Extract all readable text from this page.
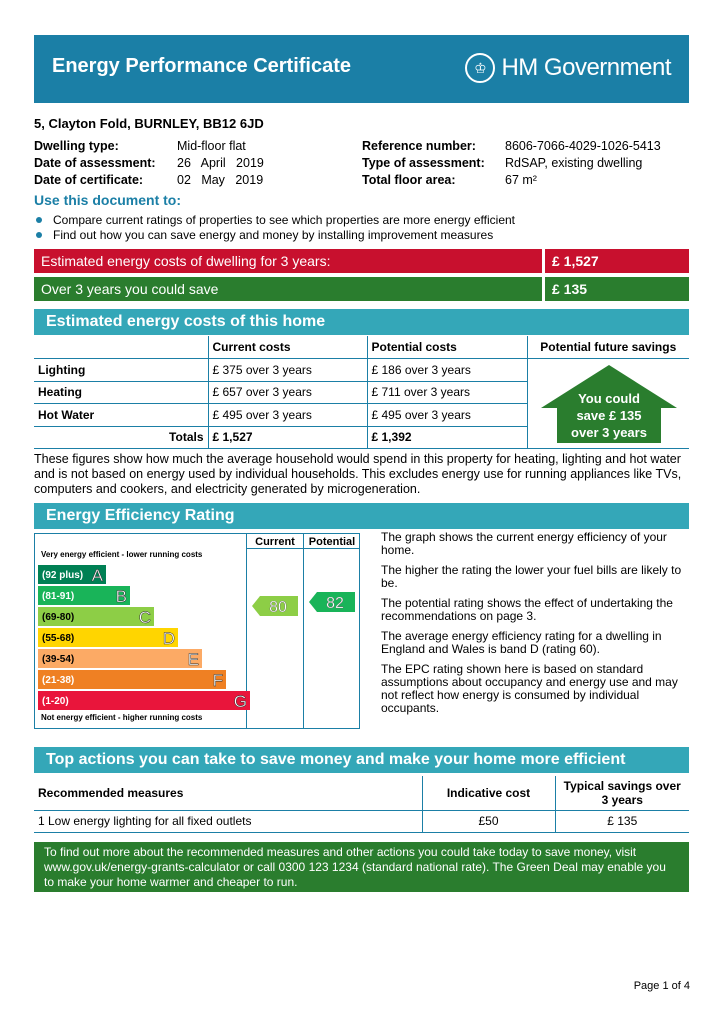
Energy Performance Certificate	♔ HM Government
5, Clayton Fold, BURNLEY, BB12 6JD
Dwelling type:	Mid-floor flat	Reference number:	8606-7066-4029-1026-5413
Date of assessment:	26   April   2019	Type of assessment:	RdSAP, existing dwelling
Date of certificate:	02   May   2019	Total floor area:	67 m²
Use this document to:
Compare current ratings of properties to see which properties are more energy efficient
Find out how you can save energy and money by installing improvement measures
Estimated energy costs of dwelling for 3 years:	£ 1,527
Over 3 years you could save	£ 135
Estimated energy costs of this home
	Current costs	Potential costs	Potential future savings
Lighting	£ 375 over 3 years	£ 186 over 3 years	
Heating	£ 657 over 3 years	£ 711 over 3 years	
Hot Water	£ 495 over 3 years	£ 495 over 3 years	
Totals	£ 1,527	£ 1,392	
You could
save £ 135
over 3 years
These figures show how much the average household would spend in this property for heating, lighting and hot water and is not based on energy used by individual households. This excludes energy use for running appliances like TVs, computers and cookers, and electricity generated by microgeneration.
Energy Efficiency Rating
Current Potential
Very energy efficient - lower running costs
Not energy efficient - higher running costs
(92 plus) A
(81-91) B
(69-80)	C
(55-68)	D
(39-54)	E
(21-38)	F
(1-20)	G
80 82

The graph shows the current energy efficiency of your home.

The higher the rating the lower your fuel bills are likely to be.

The potential rating shows the effect of undertaking the recommendations on page 3.

The average energy efficiency rating for a dwelling in England and Wales is band D (rating 60).

The EPC rating shown here is based on standard assumptions about occupancy and energy use and may not reflect how energy is consumed by individual occupants.

Top actions you can take to save money and make your home more efficient
Recommended measures	Indicative cost	Typical savings over 3 years
1 Low energy lighting for all fixed outlets	£50	£ 135
To find out more about the recommended measures and other actions you could take today to save money, visit www.gov.uk/energy-grants-calculator or call 0300 123 1234 (standard national rate). The Green Deal may enable you to make your home warmer and cheaper to run.
Page 1 of 4
